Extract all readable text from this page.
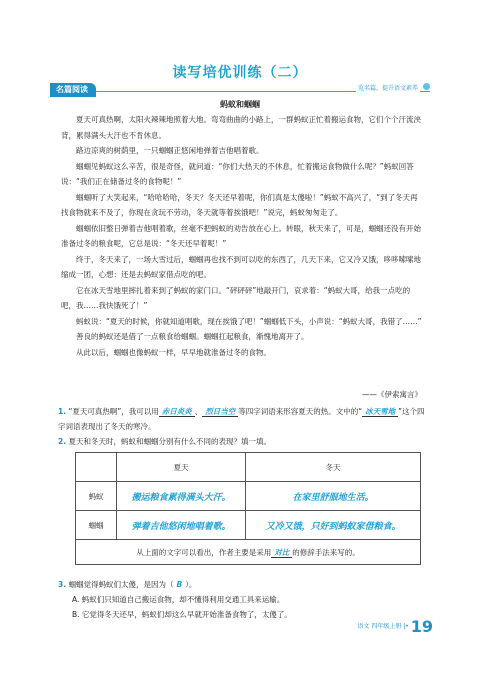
读写培优训练（二）
名篇阅读	览名篇，提升语文素养
蚂蚁和蝈蝈

夏天可真热啊，太阳火辣辣地照着大地。弯弯曲曲的小路上，一群蚂蚁正忙着搬运食物，它们个个汗流浃背，累得满头大汗也不肯休息。

路边凉爽的树荫里，一只蝈蝈正悠闲地弹着吉他唱着歌。

蝈蝈见蚂蚁这么辛苦，很是奇怪，就问道：“你们大热天的不休息，忙着搬运食物做什么呢？”蚂蚁回答说：“我们正在储备过冬的食物呢！”

蝈蝈听了大笑起来，“哈哈哈哈，冬天？冬天还早着呢，你们真是太傻啦！”蚂蚁不高兴了，“到了冬天再找食物就来不及了，你现在贪玩不劳动，冬天就等着挨饿吧！”说完，蚂蚁匆匆走了。

蝈蝈依旧整日弹着吉他唱着歌，丝毫不把蚂蚁的劝告放在心上。转眼，秋天来了，可是，蝈蝈还没有开始准备过冬的粮食呢，它总是说：“冬天还早着呢！”

终于，冬天来了，一场大雪过后，蝈蝈再也找不到可以吃的东西了，几天下来，它又冷又饿，哆哆嗦嗦地缩成一团，心想：还是去蚂蚁家借点吃的吧。

它在冰天雪地里摔扎着来到了蚂蚁的家门口。“砰砰砰”地敲开门，哀求着：“蚂蚁大哥，给我一点吃的吧，我……我快饿死了！”

蚂蚁说：“夏天的时候，你就知道唱歌，现在挨饿了吧！”蝈蝈低下头，小声说：“蚂蚁大哥，我错了……”

善良的蚂蚁还是借了一点粮食给蝈蝈。蝈蝈扛起粮食，渐愧地离开了。

从此以后，蝈蝈也像蚂蚁一样，早早地就准备过冬的食物。

——《伊索寓言》
1. “夏天可真热啊”，我可以用 赤日炎炎 、 烈日当空 等四字词语来形容夏天的热。文中的“ 冰天雪地 ”这个四字词语表现出了冬天的寒冷。
2. 夏天和冬天时，蚂蚁和蝈蝈分别有什么不同的表现？填一填。
	夏天	冬天
蚂蚁	搬运粮食累得满头大汗。	在家里舒服地生活。
蝈蝈	弹着吉他悠闲地唱着歌。	又冷又饿，只好到蚂蚁家借粮食。
从上面的文字可以看出，作者主要是采用 对比 的修辞手法来写的。		
3. 蝈蝈觉得蚂蚁们太傻，是因为（ B ）。
A. 蚂蚁们只知道自己搬运食物，却不懂得利用交通工具来运输。
B. 它觉得冬天还早，蚂蚁们却这么早就开始准备食物了，太傻了。
语文 四年级上册 |• 19
